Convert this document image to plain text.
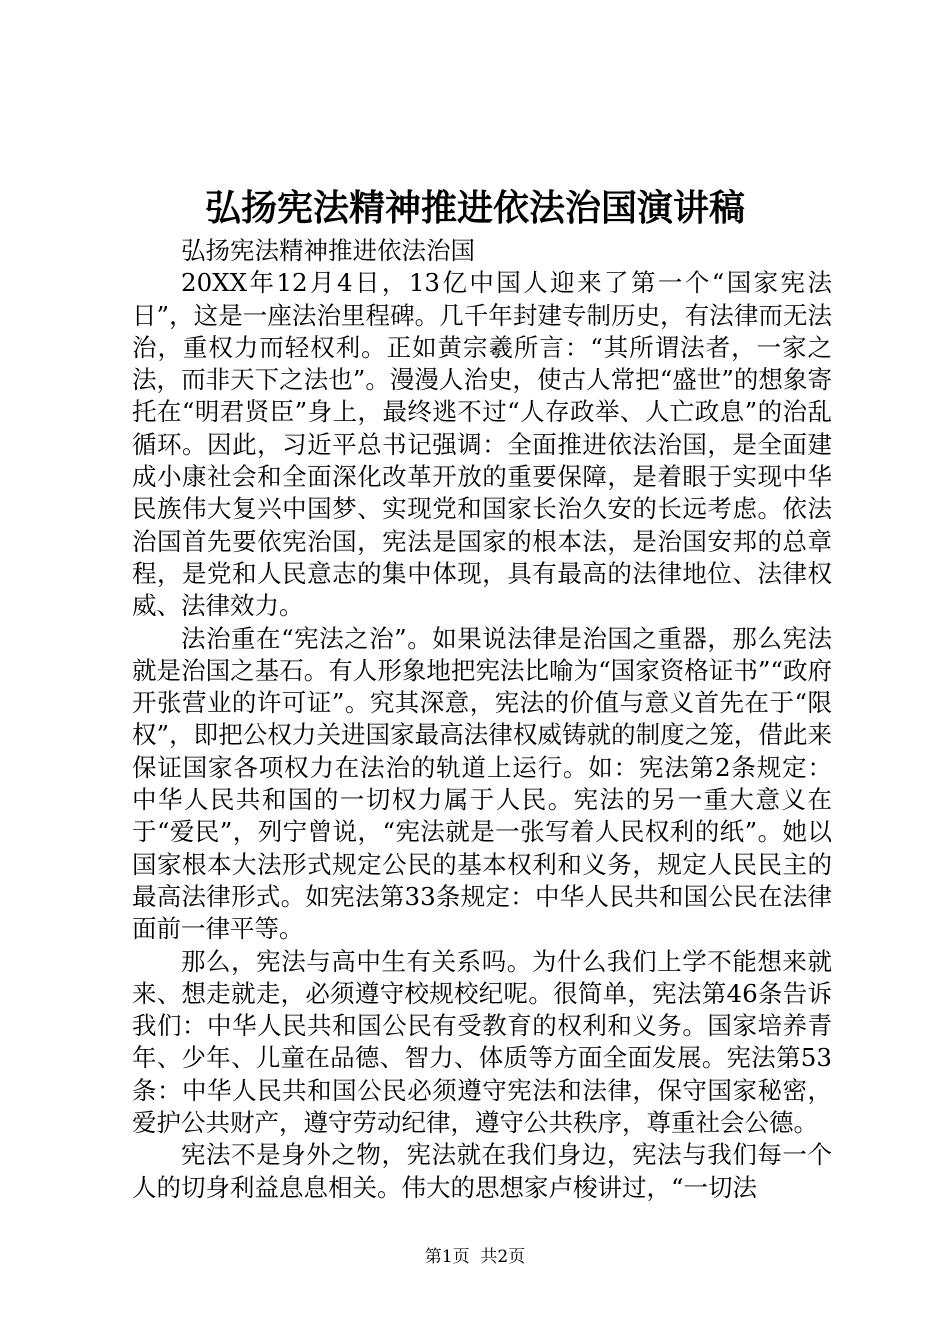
弘扬宪法精神推进依法治国演讲稿

弘扬宪法精神推进依法治国

20XX年12月4日，13亿中国人迎来了第一个“国家宪法日”，这是一座法治里程碑。几千年封建专制历史，有法律而无法治，重权力而轻权利。正如黄宗羲所言：“其所谓法者，一家之法，而非天下之法也”。漫漫人治史，使古人常把“盛世”的想象寄托在“明君贤臣”身上，最终逃不过“人存政举、人亡政息”的治乱循环。因此，习近平总书记强调：全面推进依法治国，是全面建成小康社会和全面深化改革开放的重要保障，是着眼于实现中华民族伟大复兴中国梦、实现党和国家长治久安的长远考虑。依法治国首先要依宪治国，宪法是国家的根本法，是治国安邦的总章程，是党和人民意志的集中体现，具有最高的法律地位、法律权威、法律效力。

法治重在“宪法之治”。如果说法律是治国之重器，那么宪法就是治国之基石。有人形象地把宪法比喻为“国家资格证书”“政府开张营业的许可证”。究其深意，宪法的价值与意义首先在于“限权”，即把公权力关进国家最高法律权威铸就的制度之笼，借此来保证国家各项权力在法治的轨道上运行。如：宪法第2条规定：中华人民共和国的一切权力属于人民。宪法的另一重大意义在于“爱民”，列宁曾说，“宪法就是一张写着人民权利的纸”。她以国家根本大法形式规定公民的基本权利和义务，规定人民民主的最高法律形式。如宪法第33条规定：中华人民共和国公民在法律面前一律平等。

那么，宪法与高中生有关系吗。为什么我们上学不能想来就来、想走就走，必须遵守校规校纪呢。很简单，宪法第46条告诉我们：中华人民共和国公民有受教育的权利和义务。国家培养青年、少年、儿童在品德、智力、体质等方面全面发展。宪法第53条：中华人民共和国公民必须遵守宪法和法律，保守国家秘密，爱护公共财产，遵守劳动纪律，遵守公共秩序，尊重社会公德。

宪法不是身外之物，宪法就在我们身边，宪法与我们每一个人的切身利益息息相关。伟大的思想家卢梭讲过，“一切法

第1页  共2页
